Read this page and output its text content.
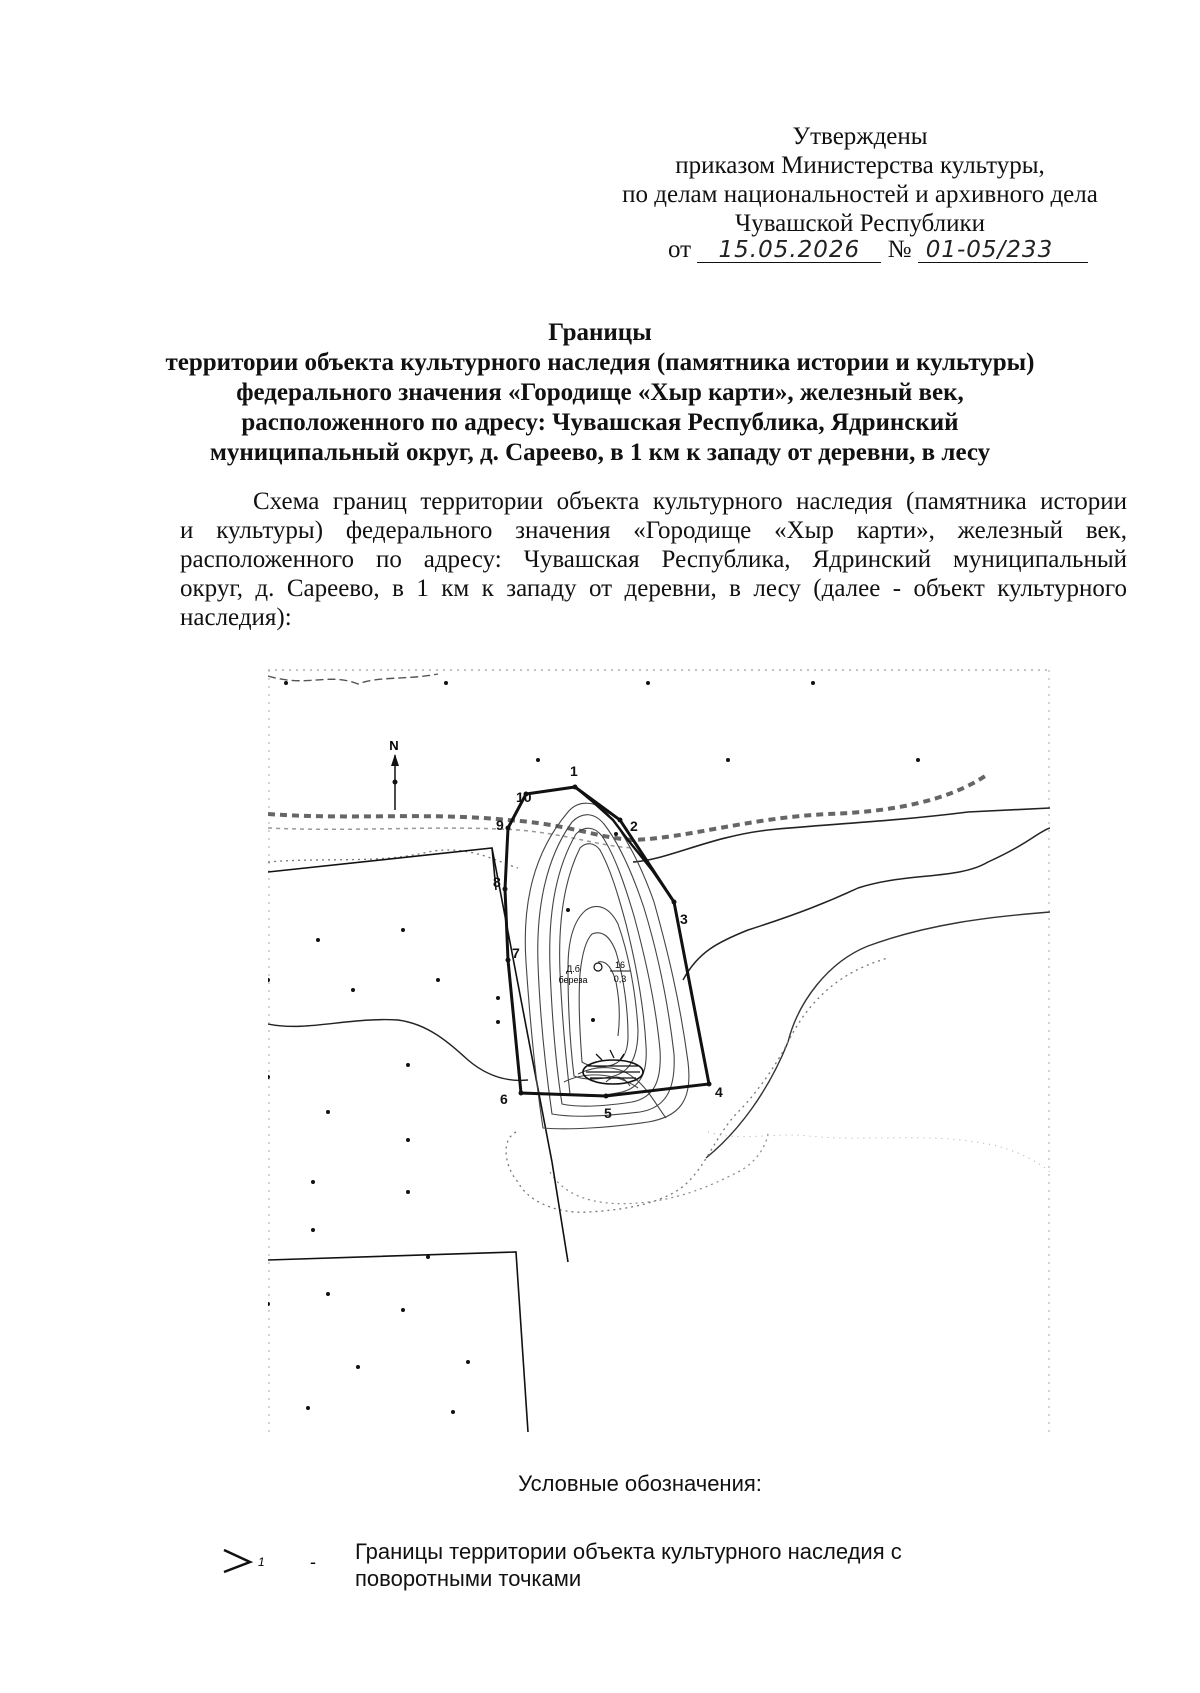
Утверждены
приказом Министерства культуры,
по делам национальностей и архивного дела
Чувашской Республики
от 15.05.2026 № 01-05/233
Границы
территории объекта культурного наследия (памятника истории и культуры)
федерального значения «Городище «Хыр карти», железный век,
расположенного по адресу: Чувашская Республика, Ядринский
муниципальный округ, д. Сареево, в 1 км к западу от деревни, в лесу
Схема границ территории объекта культурного наследия (памятника истории
и культуры) федерального значения «Городище «Хыр карти», железный век,
расположенного по адресу: Чувашская Республика, Ядринский муниципальный
округ, д. Сареево, в 1 км к западу от деревни, в лесу (далее - объект культурного
наследия):
N
1
2
3
4
5
6
7
8
9
10
Д.б
береза
16
0,3
Условные обозначения:
1	- Границы территории объекта культурного наследия с
поворотными точками
